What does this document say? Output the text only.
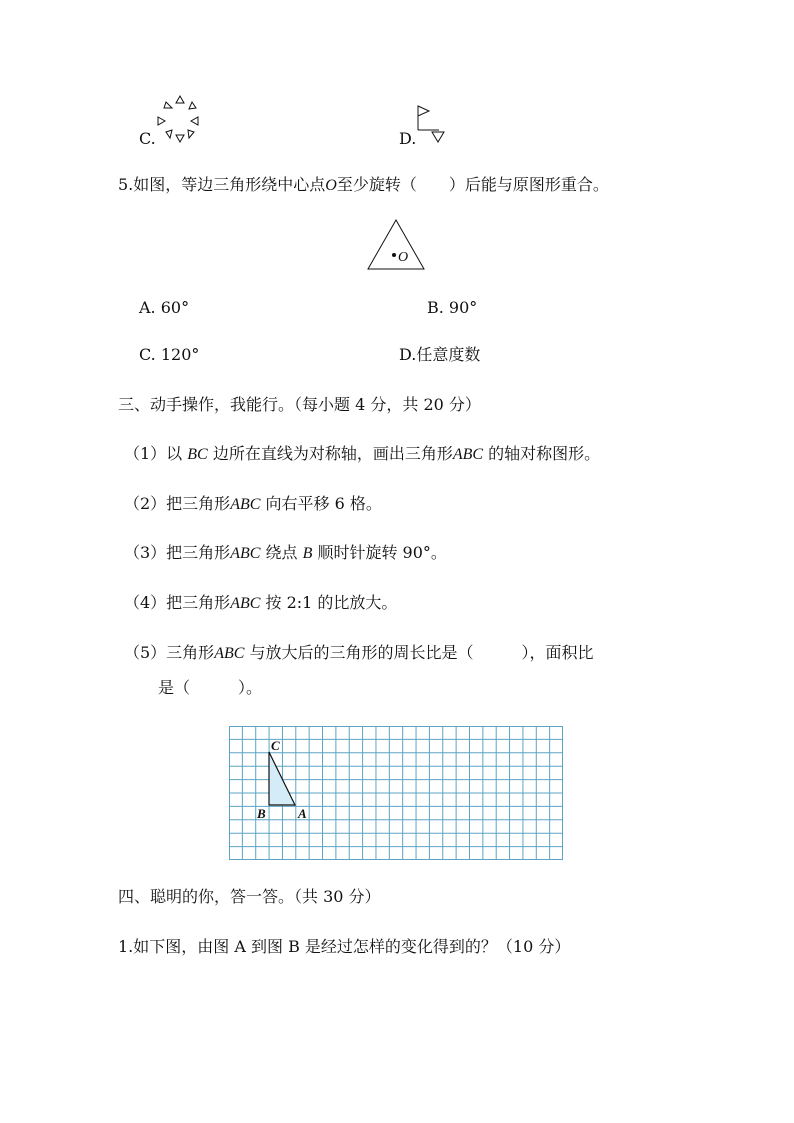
C.	D.
5.如图，等边三角形绕中心点O至少旋转（　　）后能与原图形重合。
O
A. 60°	B. 90°
C. 120°	D.任意度数
三、动手操作，我能行。（每小题 4 分，共 20 分）
（1）以 BC 边所在直线为对称轴，画出三角形ABC 的轴对称图形。
（2）把三角形ABC 向右平移 6 格。
（3）把三角形ABC 绕点 B 顺时针旋转 90°。
（4）把三角形ABC 按 2:1 的比放大。
（5）三角形ABC 与放大后的三角形的周长比是（　　　），面积比
是（　　　）。
C
B A
四、聪明的你，答一答。（共 30 分）
1.如下图，由图 A 到图 B 是经过怎样的变化得到的？（10 分）
